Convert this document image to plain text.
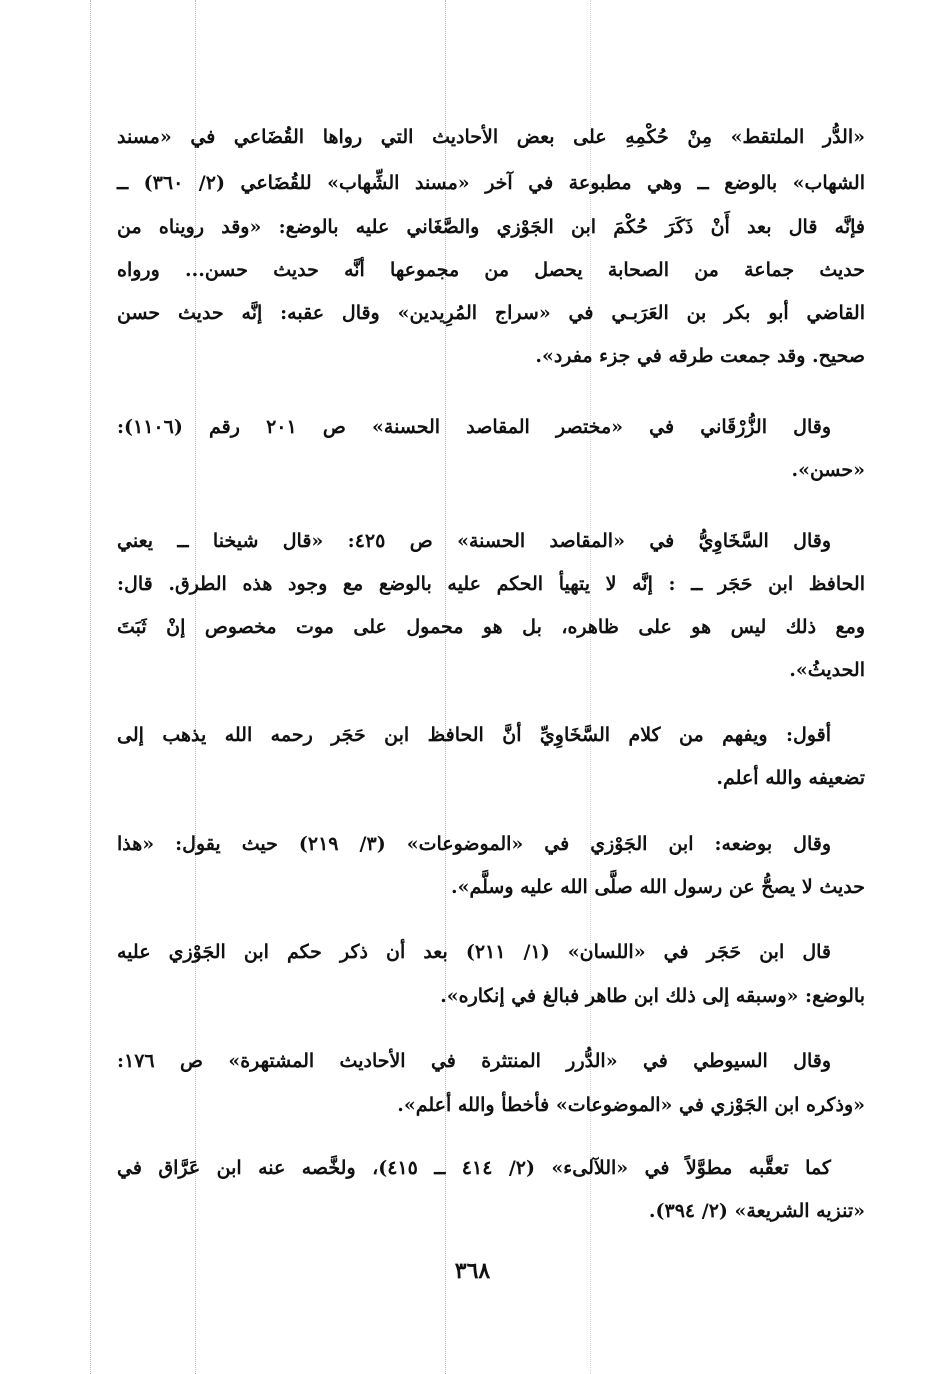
«الدُّر الملتقط» مِنْ حُكْمِهِ على بعض الأحاديث التي رواها القُضَاعي في «مسند
الشهاب» بالوضع ــ وهي مطبوعة في آخر «مسند الشِّهاب» للقُضَاعي (٢/ ٣٦٠) ــ
فإنَّه قال بعد أَنْ ذَكَرَ حُكْمَ ابن الجَوْزي والصَّغَاني عليه بالوضع: «وقد رويناه من
حديث جماعة من الصحابة يحصل من مجموعها أنَّه حديث حسن... ورواه
القاضي أبو بكر بن العَرَبـي في «سراج المُرِيدين» وقال عقبه: إنَّه حديث حسن
صحيح. وقد جمعت طرقه في جزء مفرد».
وقال الزُّرْقَاني في «مختصر المقاصد الحسنة» ص ٢٠١ رقم (١١٠٦):
«حسن».
وقال السَّخَاوِيُّ في «المقاصد الحسنة» ص ٤٢٥: «قال شيخنا ــ يعني
الحافظ ابن حَجَر ــ : إنَّه لا يتهيأ الحكم عليه بالوضع مع وجود هذه الطرق. قال:
ومع ذلك ليس هو على ظاهره، بل هو محمول على موت مخصوص إنْ ثَبَتَ
الحديثُ».
أقول: ويفهم من كلام السَّخَاوِيِّ أنَّ الحافظ ابن حَجَر رحمه الله يذهب إلى
تضعيفه والله أعلم.
وقال بوضعه: ابن الجَوْزي في «الموضوعات» (٣/ ٢١٩) حيث يقول: «هذا
حديث لا يصحُّ عن رسول الله صلَّى الله عليه وسلَّم».
قال ابن حَجَر في «اللسان» (١/ ٢١١) بعد أن ذكر حكم ابن الجَوْزي عليه
بالوضع: «وسبقه إلى ذلك ابن طاهر فبالغ في إنكاره».
وقال السيوطي في «الدُّرر المنتثرة في الأحاديث المشتهرة» ص ١٧٦:
«وذكره ابن الجَوْزي في «الموضوعات» فأخطأ والله أعلم».
كما تعقَّبه مطوَّلاً في «اللآلىء» (٢/ ٤١٤ ــ ٤١٥)، ولخَّصه عنه ابن عَرَّاق في
«تنزيه الشريعة» (٢/ ٣٩٤).
٣٦٨
